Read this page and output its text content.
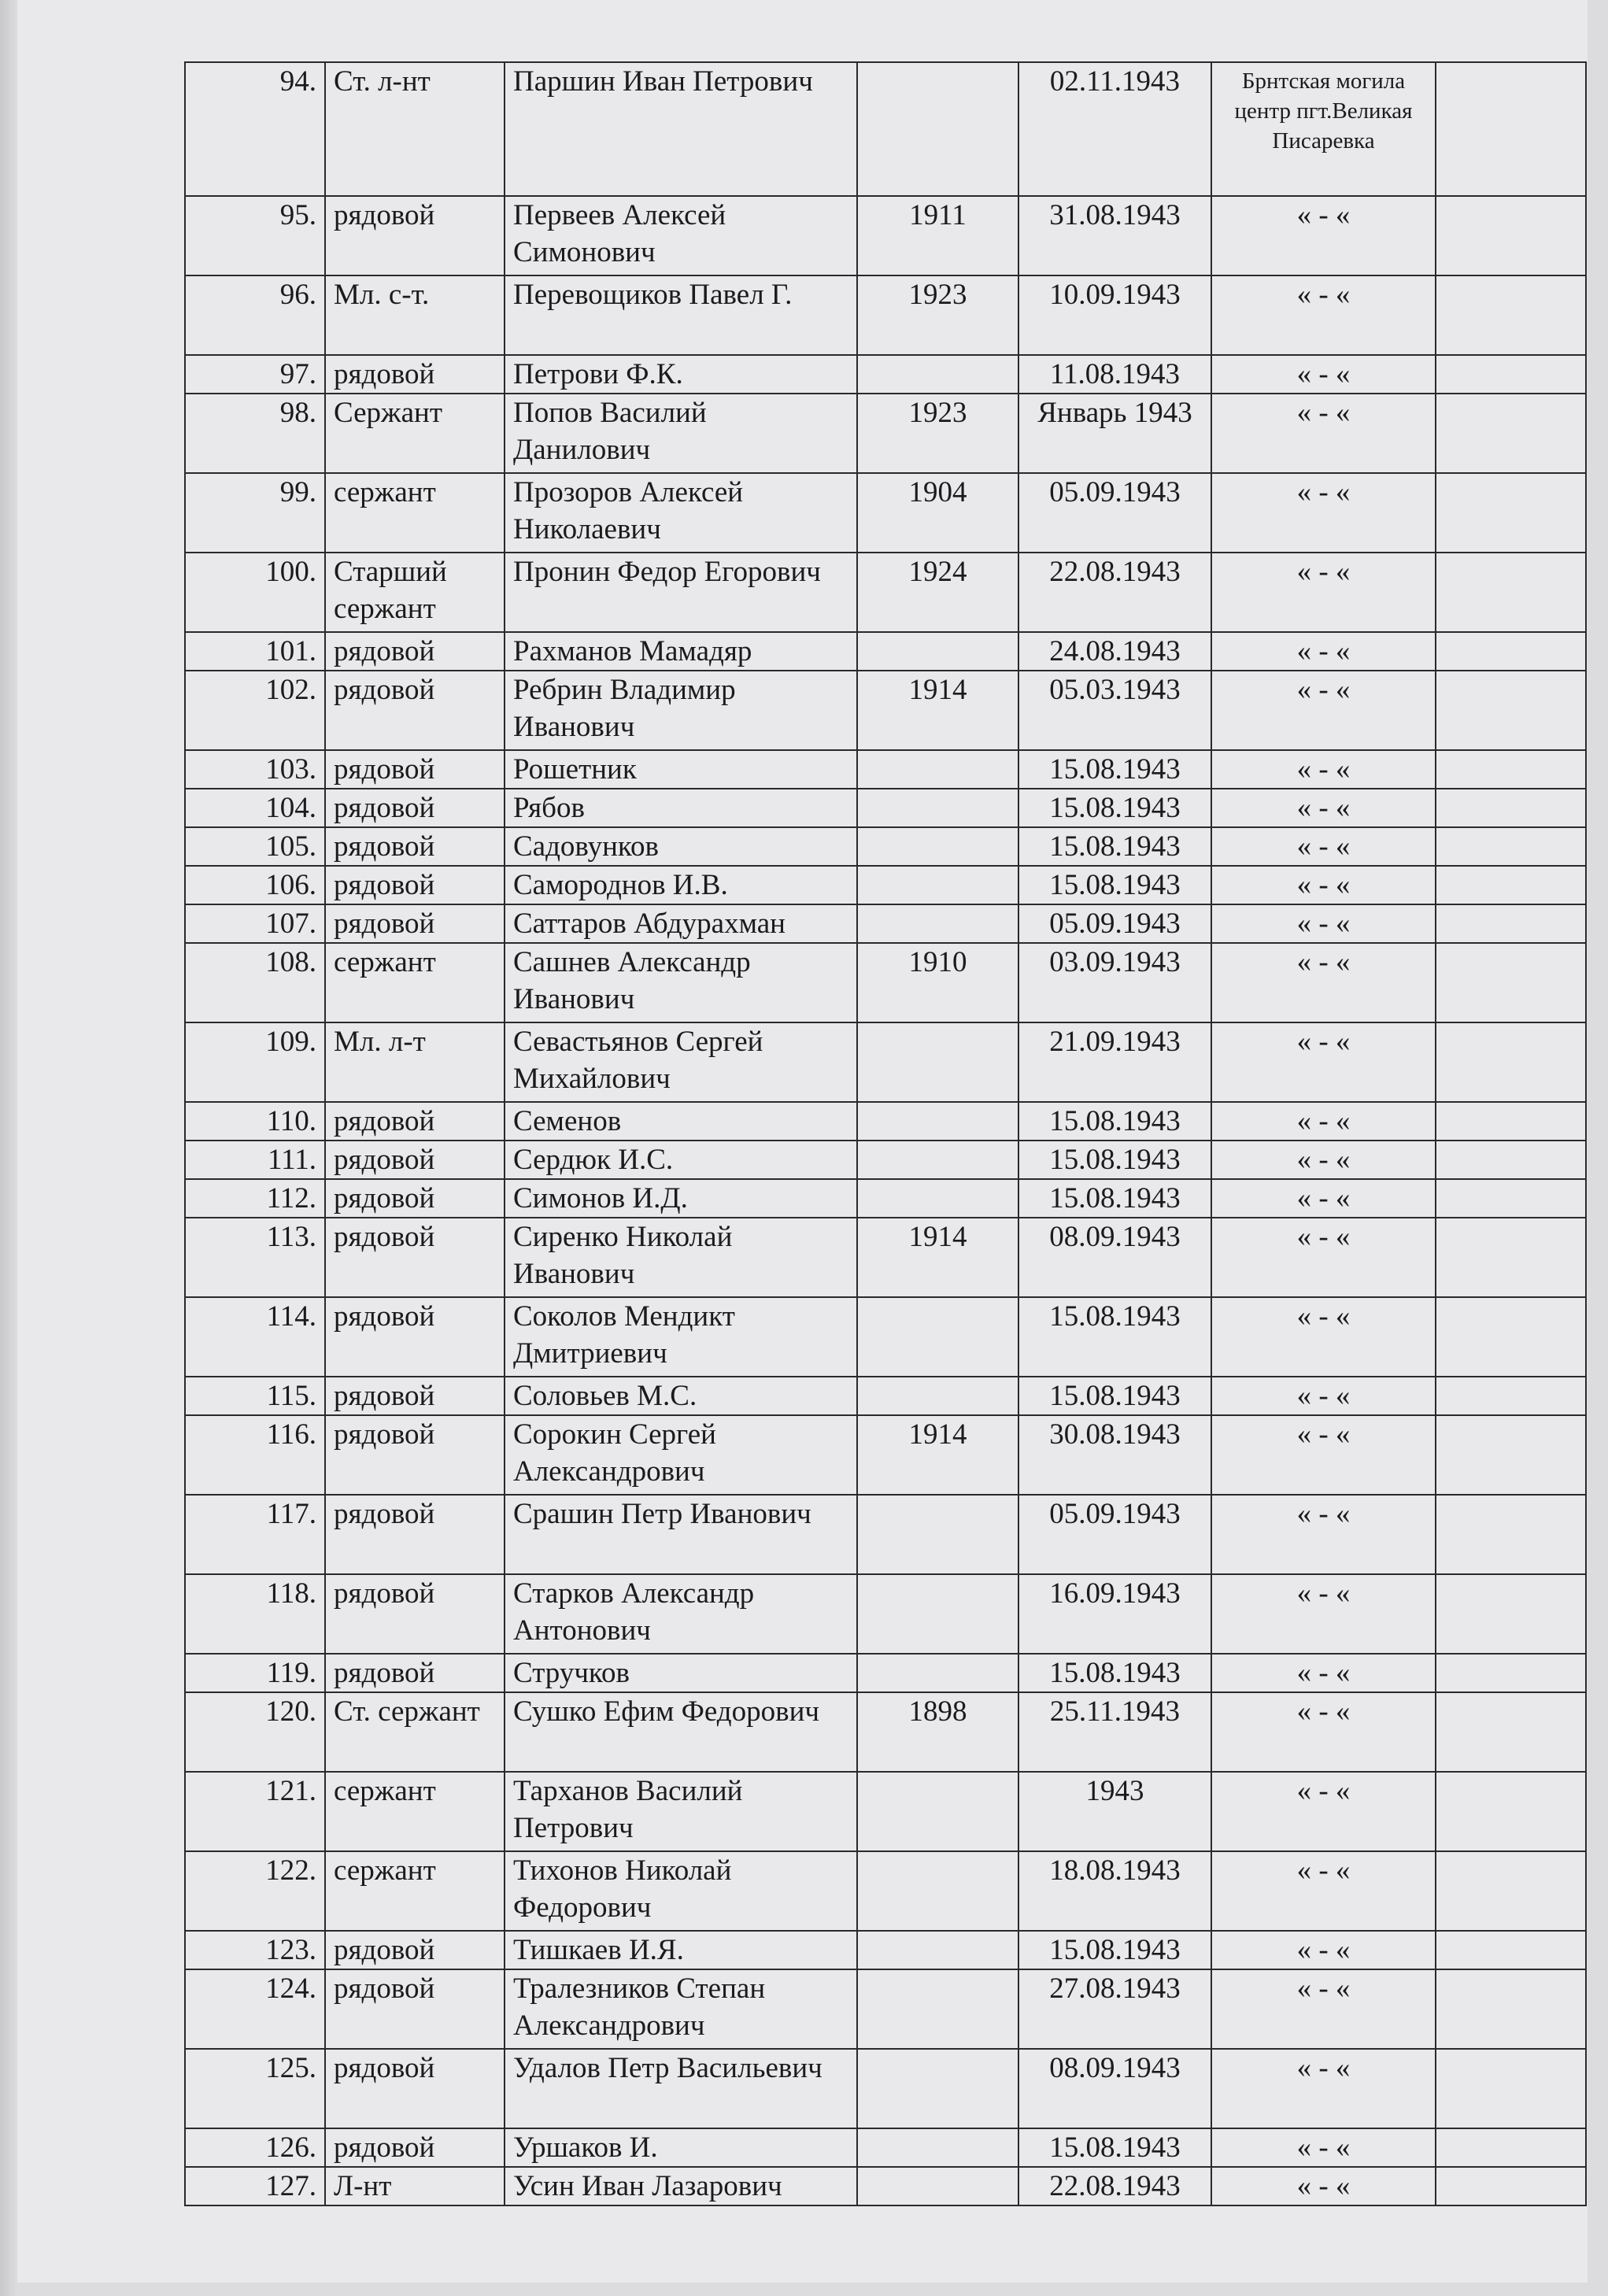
94.	Ст. л-нт	Паршин Иван Петрович		02.11.1943	Брнтская могила центр пгт.Великая Писаревка	
95.	рядовой	Первеев Алексей Симонович	1911	31.08.1943	« - «	
96.	Мл. с-т.	Перевощиков Павел Г.	1923	10.09.1943	« - «	
97.	рядовой	Петрови Ф.К.		11.08.1943	« - «	
98.	Сержант	Попов Василий Данилович	1923	Январь 1943	« - «	
99.	сержант	Прозоров Алексей Николаевич	1904	05.09.1943	« - «	
100.	Старший сержант	Пронин Федор Егорович	1924	22.08.1943	« - «	
101.	рядовой	Рахманов Мамадяр		24.08.1943	« - «	
102.	рядовой	Ребрин Владимир Иванович	1914	05.03.1943	« - «	
103.	рядовой	Рошетник		15.08.1943	« - «	
104.	рядовой	Рябов		15.08.1943	« - «	
105.	рядовой	Садовунков		15.08.1943	« - «	
106.	рядовой	Самороднов И.В.		15.08.1943	« - «	
107.	рядовой	Саттаров Абдурахман		05.09.1943	« - «	
108.	сержант	Сашнев Александр Иванович	1910	03.09.1943	« - «	
109.	Мл. л-т	Севастьянов Сергей Михайлович		21.09.1943	« - «	
110.	рядовой	Семенов		15.08.1943	« - «	
111.	рядовой	Сердюк И.С.		15.08.1943	« - «	
112.	рядовой	Симонов И.Д.		15.08.1943	« - «	
113.	рядовой	Сиренко Николай Иванович	1914	08.09.1943	« - «	
114.	рядовой	Соколов Мендикт Дмитриевич		15.08.1943	« - «	
115.	рядовой	Соловьев М.С.		15.08.1943	« - «	
116.	рядовой	Сорокин Сергей Александрович	1914	30.08.1943	« - «	
117.	рядовой	Срашин Петр Иванович		05.09.1943	« - «	
118.	рядовой	Старков Александр Антонович		16.09.1943	« - «	
119.	рядовой	Стручков		15.08.1943	« - «	
120.	Ст. сержант	Сушко Ефим Федорович	1898	25.11.1943	« - «	
121.	сержант	Тарханов Василий Петрович		1943	« - «	
122.	сержант	Тихонов Николай Федорович		18.08.1943	« - «	
123.	рядовой	Тишкаев И.Я.		15.08.1943	« - «	
124.	рядовой	Тралезников Степан Александрович		27.08.1943	« - «	
125.	рядовой	Удалов Петр Васильевич		08.09.1943	« - «	
126.	рядовой	Уршаков И.		15.08.1943	« - «	
127.	Л-нт	Усин Иван Лазарович		22.08.1943	« - «	
